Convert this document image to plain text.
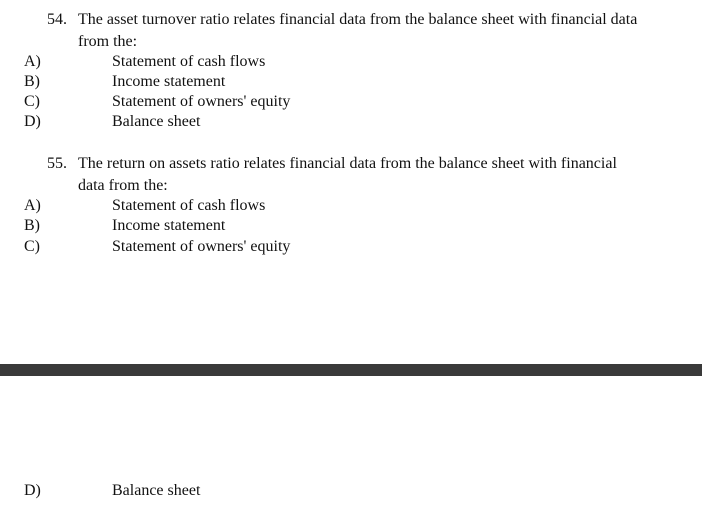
54. The asset turnover ratio relates financial data from the balance sheet with financial data
from the:
A)	Statement of cash flows
B)	Income statement
C)	Statement of owners' equity
D)	Balance sheet
55. The return on assets ratio relates financial data from the balance sheet with financial
data from the:
A)	Statement of cash flows
B)	Income statement
C)	Statement of owners' equity
D)	Balance sheet
